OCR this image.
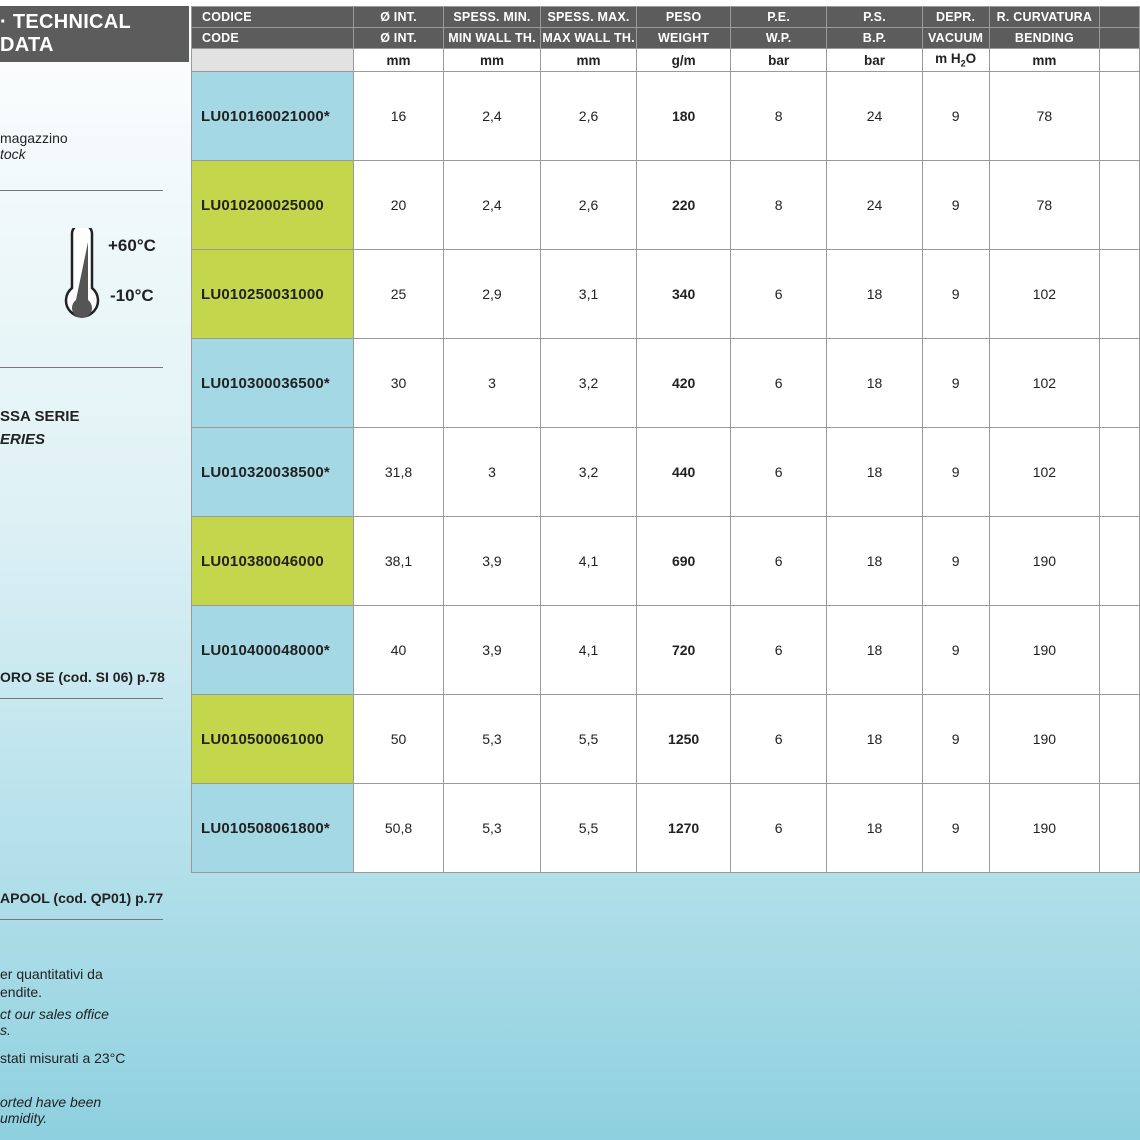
· TECHNICAL DATA
magazzino
tock
+60°C
-10°C
SSA SERIE
ERIES
ORO SE (cod. SI 06) p.78
APOOL (cod. QP01) p.77
er quantitativi da
endite.
ct our sales office
s.
stati misurati a 23°C
orted have been
umidity.
CODICE	Ø INT.	SPESS. MIN.	SPESS. MAX.	PESO	P.E.	P.S.	DEPR.	R. CURVATURA	
CODE	Ø INT.	MIN WALL TH.	MAX WALL TH.	WEIGHT	W.P.	B.P.	VACUUM	BENDING	
	mm	mm	mm	g/m	bar	bar	m $H_2O$	mm	
LU010160021000*	16	2,4	2,6	180	8	24	9	78	
LU010200025000	20	2,4	2,6	220	8	24	9	78	
LU010250031000	25	2,9	3,1	340	6	18	9	102	
LU010300036500*	30	3	3,2	420	6	18	9	102	
LU010320038500*	31,8	3	3,2	440	6	18	9	102	
LU010380046000	38,1	3,9	4,1	690	6	18	9	190	
LU010400048000*	40	3,9	4,1	720	6	18	9	190	
LU010500061000	50	5,3	5,5	1250	6	18	9	190	
LU010508061800*	50,8	5,3	5,5	1270	6	18	9	190	
